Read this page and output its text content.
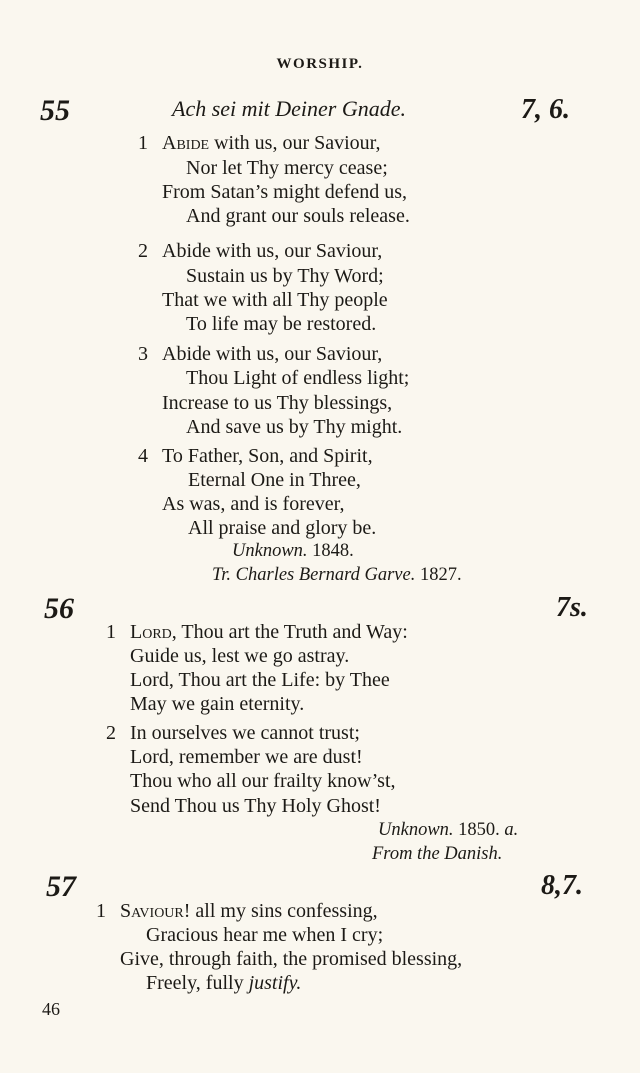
WORSHIP.
55	Ach sei mit Deiner Gnade.	7, 6.
1 Abide with us, our Saviour,
Nor let Thy mercy cease;
From Satan’s might defend us,
And grant our souls release.
2 Abide with us, our Saviour,
Sustain us by Thy Word;
That we with all Thy people
To life may be restored.
3 Abide with us, our Saviour,
Thou Light of endless light;
Increase to us Thy blessings,
And save us by Thy might.
4 To Father, Son, and Spirit,
Eternal One in Three,
As was, and is forever,
All praise and glory be.
Unknown. 1848.
Tr. Charles Bernard Garve. 1827.
56	7s.
1 Lord, Thou art the Truth and Way:
Guide us, lest we go astray.
Lord, Thou art the Life: by Thee
May we gain eternity.
2 In ourselves we cannot trust;
Lord, remember we are dust!
Thou who all our frailty know’st,
Send Thou us Thy Holy Ghost!
Unknown. 1850. a.
From the Danish.
57	8,7.
1 Saviour! all my sins confessing,
Gracious hear me when I cry;
Give, through faith, the promised blessing,
Freely, fully justify.
46
